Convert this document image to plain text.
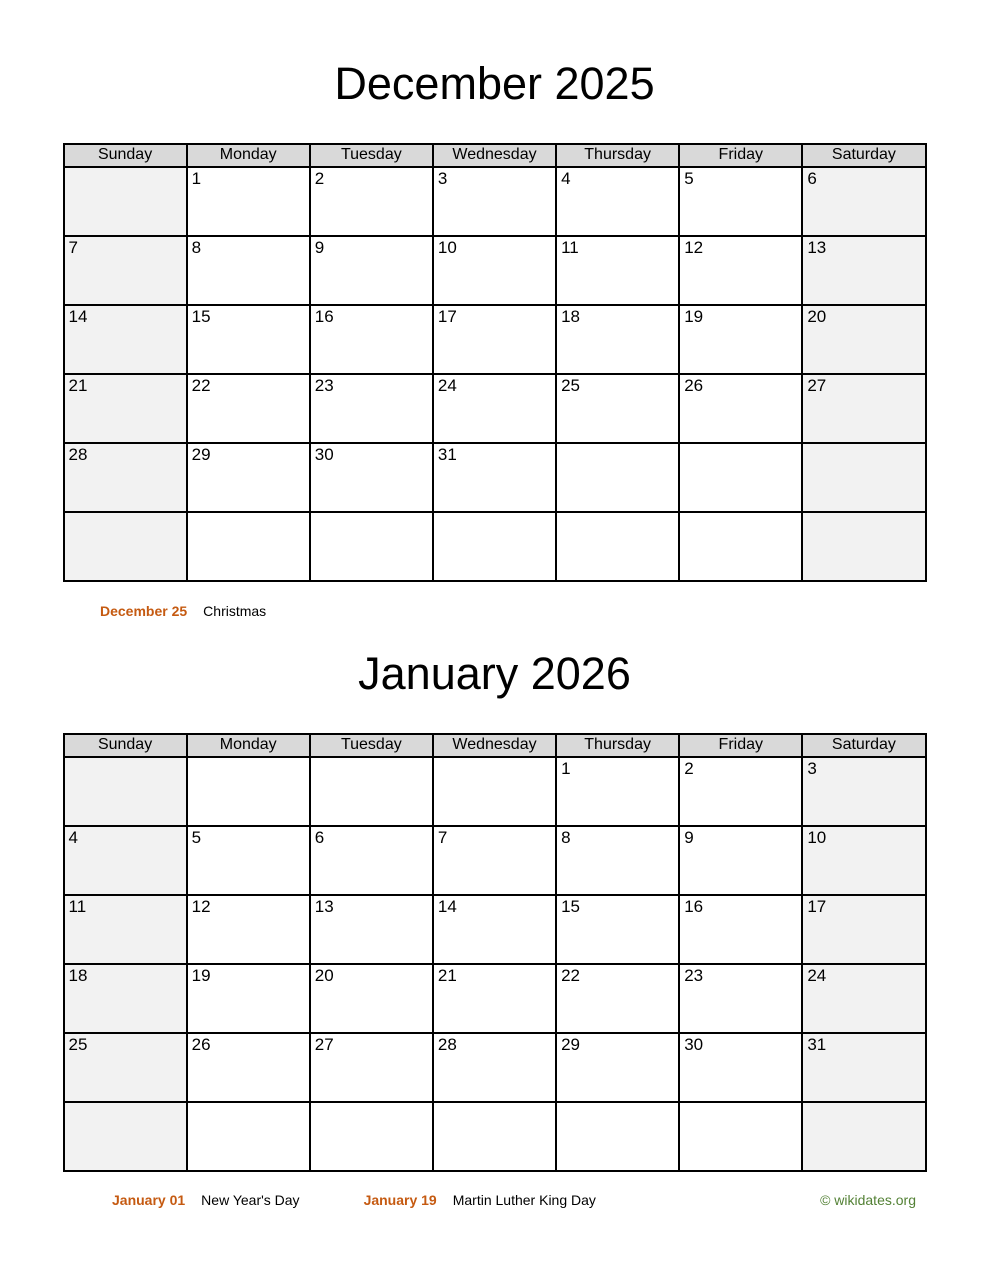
December 2025
Sunday	Monday	Tuesday	Wednesday	Thursday	Friday	Saturday
	1	2	3	4	5	6
7	8	9	10	11	12	13
14	15	16	17	18	19	20
21	22	23	24	25	26	27
28	29	30	31			

December 25 Christmas
January 2026
Sunday	Monday	Tuesday	Wednesday	Thursday	Friday	Saturday
				1	2	3
4	5	6	7	8	9	10
11	12	13	14	15	16	17
18	19	20	21	22	23	24
25	26	27	28	29	30	31

January 01 New Year's Day	January 19 Martin Luther King Day	© wikidates.org
